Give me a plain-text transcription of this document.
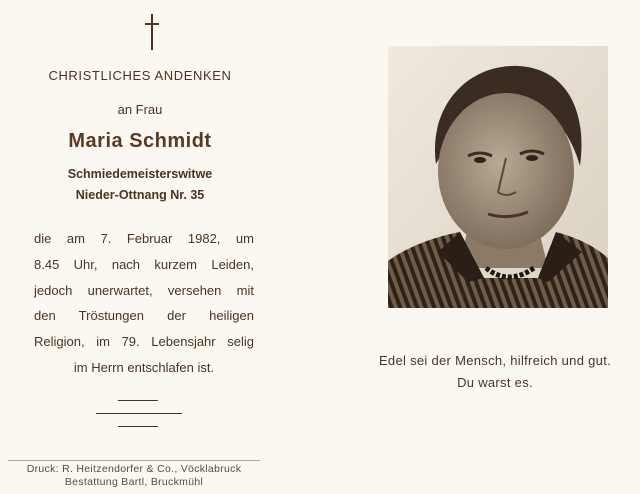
CHRISTLICHES ANDENKEN
an Frau
Maria Schmidt
Schmiedemeisterswitwe
Nieder-Ottnang Nr. 35
die am 7. Februar 1982, um
8.45 Uhr, nach kurzem Leiden,
jedoch unerwartet, versehen mit
den Tröstungen der heiligen
Religion, im 79. Lebensjahr selig
im Herrn entschlafen ist.
Druck: R. Heitzendorfer & Co., Vöcklabruck
Bestattung Bartl, Bruckmühl
Edel sei der Mensch, hilfreich und gut.
Du warst es.
